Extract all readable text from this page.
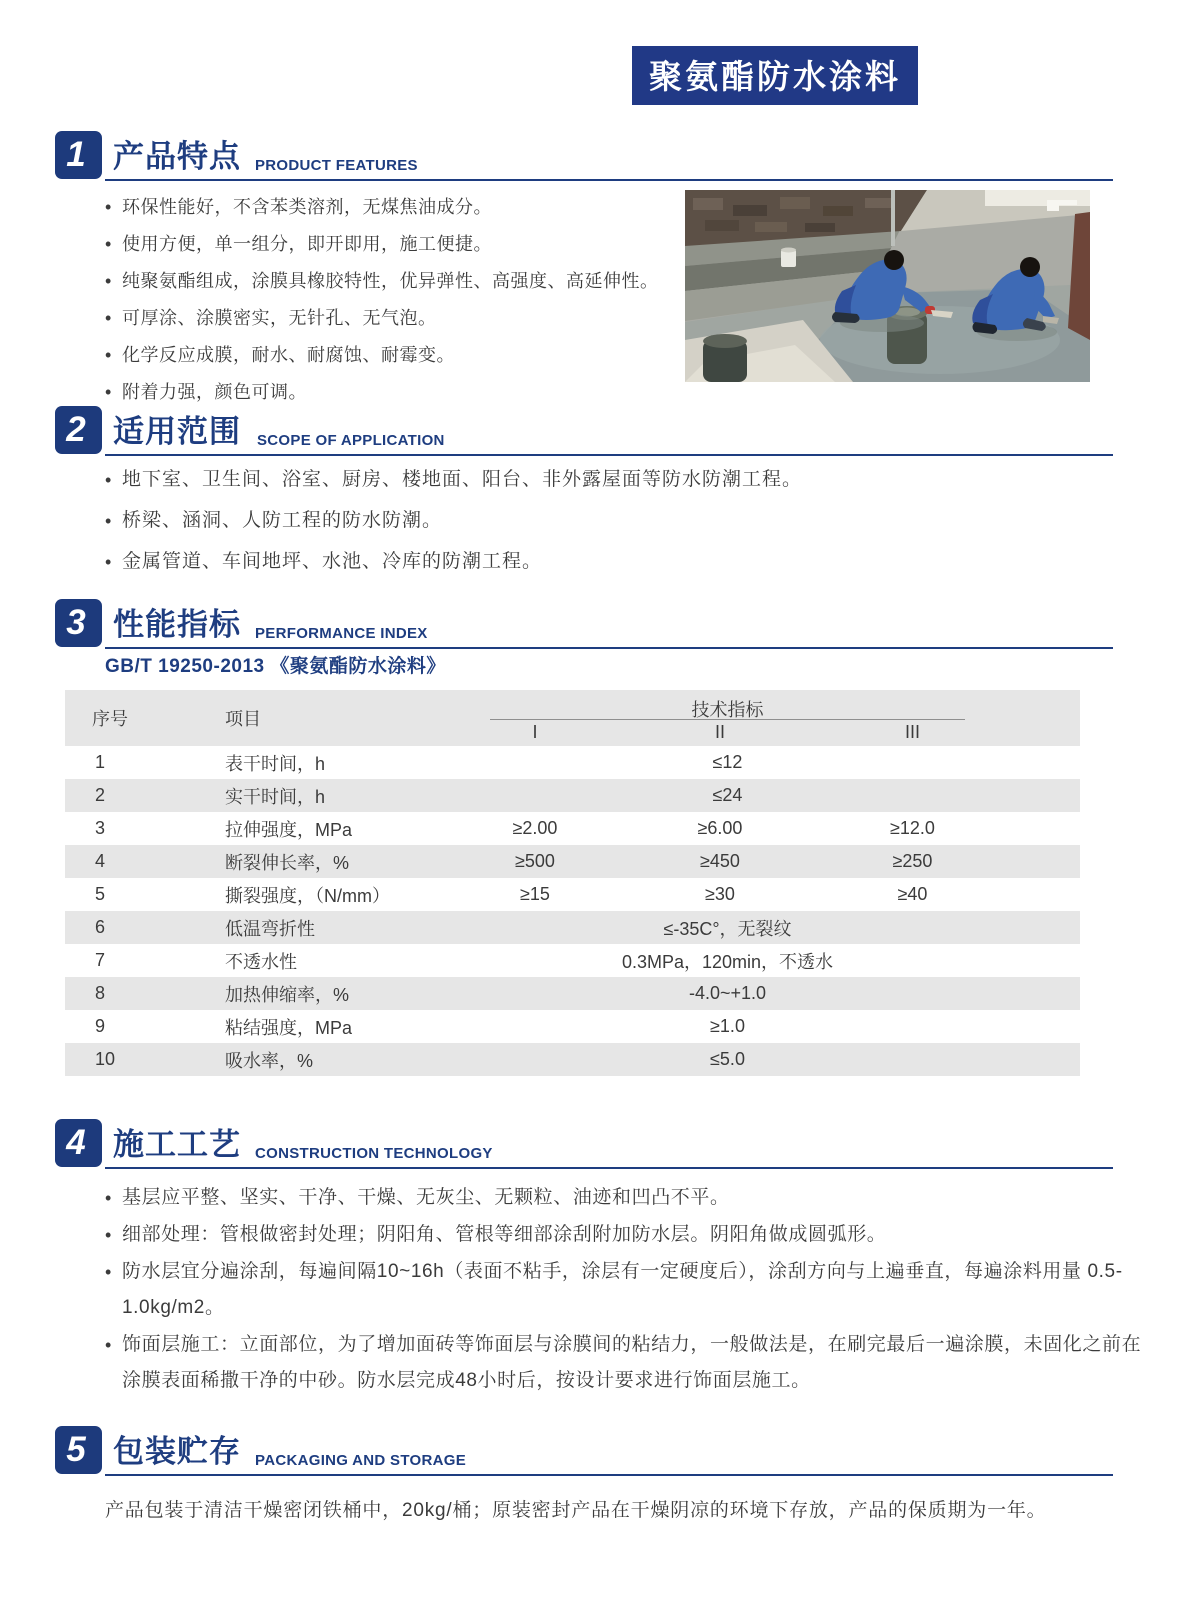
聚氨酯防水涂料
1 产品特点 PRODUCT FEATURES
• 环保性能好，不含苯类溶剂，无煤焦油成分。
• 使用方便，单一组分，即开即用，施工便捷。
• 纯聚氨酯组成，涂膜具橡胶特性，优异弹性、高强度、高延伸性。
• 可厚涂、涂膜密实，无针孔、无气泡。
• 化学反应成膜，耐水、耐腐蚀、耐霉变。
• 附着力强，颜色可调。
2 适用范围 SCOPE OF APPLICATION
• 地下室、卫生间、浴室、厨房、楼地面、阳台、非外露屋面等防水防潮工程。
• 桥梁、涵洞、人防工程的防水防潮。
• 金属管道、车间地坪、水池、冷库的防潮工程。
3 性能指标 PERFORMANCE INDEX
GB/T 19250-2013 《聚氨酯防水涂料》
序号	项目	技术指标
I	II	III
1	表干时间，h	≤12
2	实干时间，h	≤24
3	拉伸强度，MPa	≥2.00	≥6.00	≥12.0
4	断裂伸长率，%	≥500	≥450	≥250
5	撕裂强度，（N/mm）	≥15	≥30	≥40
6	低温弯折性	≤-35C°，无裂纹
7	不透水性	0.3MPa，120min，不透水
8	加热伸缩率，%	-4.0~+1.0
9	粘结强度，MPa	≥1.0
10	吸水率，%	≤5.0
4 施工工艺 CONSTRUCTION TECHNOLOGY
• 基层应平整、坚实、干净、干燥、无灰尘、无颗粒、油迹和凹凸不平。
• 细部处理：管根做密封处理；阴阳角、管根等细部涂刮附加防水层。阴阳角做成圆弧形。
• 防水层宜分遍涂刮，每遍间隔10~16h（表面不粘手，涂层有一定硬度后），涂刮方向与上遍垂直，每遍涂料用量 0.5-1.0kg/m2。
• 饰面层施工：立面部位，为了增加面砖等饰面层与涂膜间的粘结力，一般做法是，在刷完最后一遍涂膜，未固化之前在涂膜表面稀撒干净的中砂。防水层完成48小时后，按设计要求进行饰面层施工。
5 包装贮存 PACKAGING AND STORAGE
产品包装于清洁干燥密闭铁桶中，20kg/桶；原装密封产品在干燥阴凉的环境下存放，产品的保质期为一年。
